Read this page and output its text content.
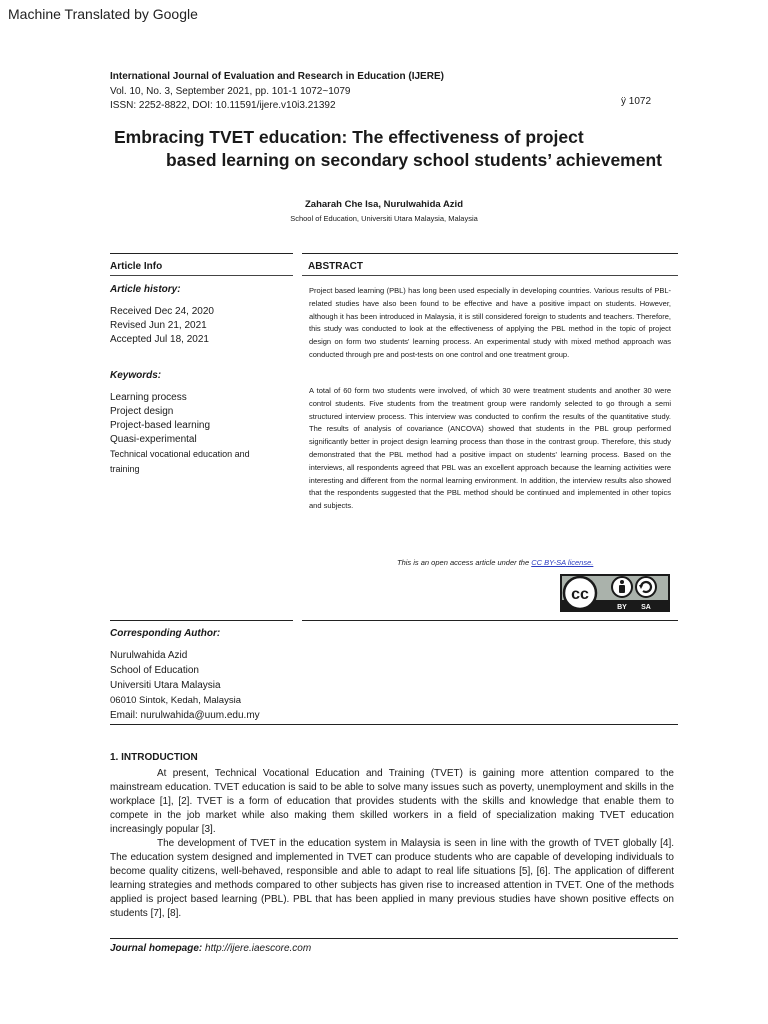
Machine Translated by Google
International Journal of Evaluation and Research in Education (IJERE)
Vol. 10, No. 3, September 2021, pp. 101-1 1072~1079
ISSN: 2252-8822, DOI: 10.11591/ijere.v10i3.21392	ÿ 1072
Embracing TVET education: The effectiveness of project
based learning on secondary school students’ achievement
Zaharah Che Isa, Nurulwahida Azid
School of Education, Universiti Utara Malaysia, Malaysia
Article Info	ABSTRACT
Article history:
Received Dec 24, 2020
Revised Jun 21, 2021
Accepted Jul 18, 2021
Keywords:
Learning process
Project design
Project-based learning
Quasi-experimental
Technical vocational education and
training

Project based learning (PBL) has long been used especially in developing countries. Various results of PBL-related studies have also been found to be effective and have a positive impact on students. However, although it has been introduced in Malaysia, it is still considered foreign to students and teachers. Therefore, this study was conducted to look at the effectiveness of applying the PBL method in the topic of project design on form two students' learning process. An experimental study with mixed method approach was conducted through pre and post-tests on one control and one treatment group.

A total of 60 form two students were involved, of which 30 were treatment students and another 30 were control students. Five students from the treatment group were randomly selected to go through a semi structured interview process. This interview was conducted to confirm the results of the quantitative study. The results of analysis of covariance (ANCOVA) showed that students in the PBL group performed significantly better in project design learning process than those in the contrast group. Therefore, this study demonstrated that the PBL method had a positive impact on students' learning process. Based on the interviews, all respondents agreed that PBL was an excellent approach because the learning activities were interesting and different from the normal learning environment. In addition, the interview results also showed that the respondents suggested that the PBL method should be continued and implemented in other topics and subjects.

This is an open access article under the CC BY-SA license.
cc
BY SA
Corresponding Author:
Nurulwahida Azid
School of Education
Universiti Utara Malaysia
06010 Sintok, Kedah, Malaysia
Email: nurulwahida@uum.edu.my
1. INTRODUCTION

At present, Technical Vocational Education and Training (TVET) is gaining more attention compared to the mainstream education. TVET education is said to be able to solve many issues such as poverty, unemployment and skills in the workplace [1], [2]. TVET is a form of education that provides students with the skills and knowledge that enable them to compete in the job market while also making them skilled workers in a field of specialization making TVET education increasingly popular [3].

The development of TVET in the education system in Malaysia is seen in line with the growth of TVET globally [4]. The education system designed and implemented in TVET can produce students who are capable of developing individuals to become quality citizens, well-behaved, responsible and able to adapt to real life situations [5], [6]. The application of different learning strategies and methods compared to other subjects has given rise to increased attention in TVET. One of the methods applied is project based learning (PBL). PBL that has been applied in many previous studies have shown positive effects on students [7], [8].

Journal homepage: http://ijere.iaescore.com
